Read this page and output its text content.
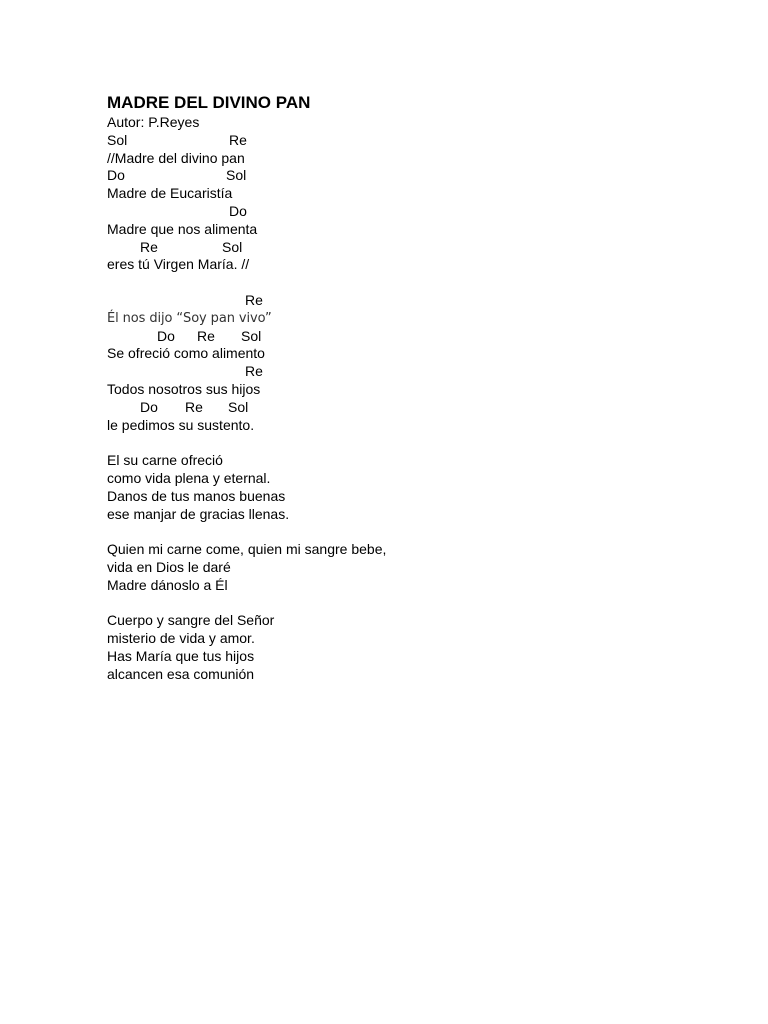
MADRE DEL DIVINO PAN
Autor: P.Reyes

Sol

	Re

//Madre del divino pan

Do

	Sol

Madre de Eucaristía

Do

Madre que nos alimenta

Re

	Sol

eres tú Virgen María. //

Re

Él nos dijo “Soy pan vivo”

Do

Re

Sol

Se ofreció como alimento

Re

Todos nosotros sus hijos

Do

Re

Sol

le pedimos su sustento.
El su carne ofreció
como vida plena y eternal.
Danos de tus manos buenas
ese manjar de gracias llenas.
Quien mi carne come, quien mi sangre bebe,
vida en Dios le daré
Madre dánoslo a Él
Cuerpo y sangre del Señor
misterio de vida y amor.
Has María que tus hijos
alcancen esa comunión
